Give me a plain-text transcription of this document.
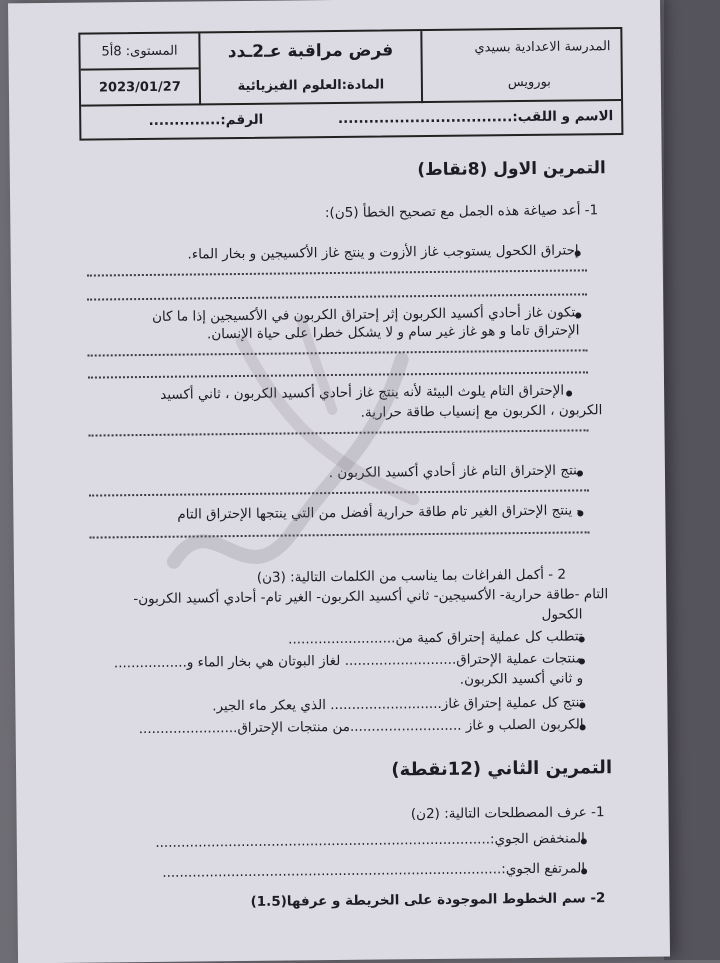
المستوى: 8أ5
2023/01/27
فرض مراقبة عـ2ـدد
المادة:العلوم الفيزيائية
المدرسة الاعدادية بسيدي
بورويس
الاسم و اللقب:..................................
الرقم:..............
التمرين الاول (8نقاط)
1- أعد صياغة هذه الجمل مع تصحيح الخطأ (5ن):
إحتراق الكحول يستوجب غاز الأزوت و ينتج غاز الأكسيجين و بخار الماء.
يتكون غاز أحادي أكسيد الكربون إثر إحتراق الكربون في الأكسيجين إذا ما كان
الإحتراق تاما و هو غاز غير سام و لا يشكل خطرا على حياة الإنسان.
الإحتراق التام يلوث البيئة لأنه ينتج غاز أحادي أكسيد الكربون ، ثاني أكسيد
الكربون ، الكربون مع إنسياب طاقة حرارية.
ينتج الإحتراق التام غاز أحادي أكسيد الكربون .
- ينتج الإحتراق الغير تام طاقة حرارية أفضل من التي ينتجها الإحتراق التام
2 - أكمل الفراغات بما يناسب من الكلمات التالية: (3ن)
التام -طاقة حرارية- الأكسيجين- ثاني أكسيد الكربون- الغير تام- أحادي أكسيد الكربون-
الكحول
تتطلب كل عملية إحتراق كمية من.........................
منتجات عملية الإحتراق.......................... لغاز البوتان هي بخار الماء و.................
و ثاني أكسيد الكربون.
تنتج كل عملية إحتراق غاز.......................... الذي يعكر ماء الجير.
الكربون الصلب و غاز ..........................من منتجات الإحتراق.......................
التمرين الثاني (12نقطة)
1- عرف المصطلحات التالية: (2ن)
المنخفض الجوي:..............................................................................
المرتفع الجوي:...............................................................................
2- سم الخطوط الموجودة على الخريطة و عرفها(1.5)
